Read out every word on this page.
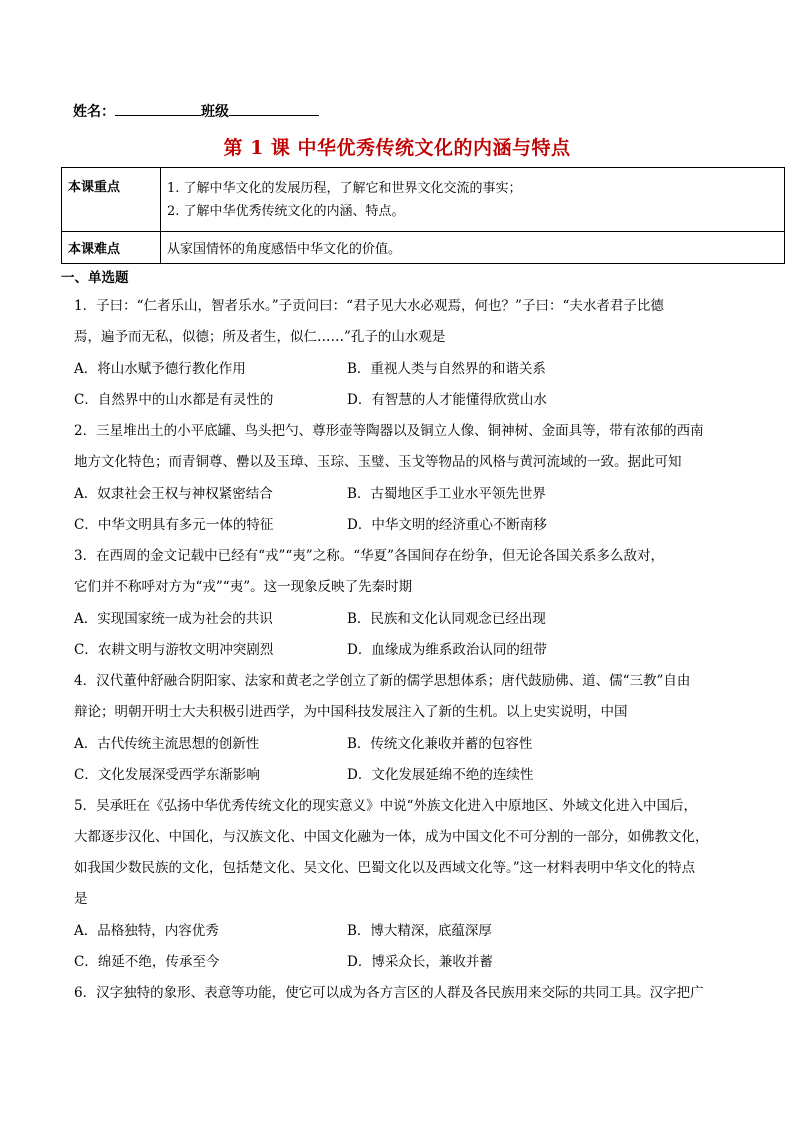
姓名：	班级
第 1 课 中华优秀传统文化的内涵与特点
本课重点	1. 了解中华文化的发展历程，了解它和世界文化交流的事实；
2. 了解中华优秀传统文化的内涵、特点。

本课难点	从家国情怀的角度感悟中华文化的价值。
一、单选题
1．子曰：“仁者乐山，智者乐水。”子贡问曰：“君子见大水必观焉，何也？”子曰：“夫水者君子比德
焉，遍予而无私，似德；所及者生，似仁……”孔子的山水观是
A．将山水赋予德行教化作用	B．重视人类与自然界的和谐关系
C．自然界中的山水都是有灵性的	D．有智慧的人才能懂得欣赏山水
2．三星堆出土的小平底罐、鸟头把勺、尊形壶等陶器以及铜立人像、铜神树、金面具等，带有浓郁的西南
地方文化特色；而青铜尊、罍以及玉璋、玉琮、玉璧、玉戈等物品的风格与黄河流域的一致。据此可知
A．奴隶社会王权与神权紧密结合	B．古蜀地区手工业水平领先世界
C．中华文明具有多元一体的特征	D．中华文明的经济重心不断南移
3．在西周的金文记载中已经有“戎”“夷”之称。“华夏”各国间存在纷争，但无论各国关系多么敌对，
它们并不称呼对方为“戎”“夷”。这一现象反映了先秦时期
A．实现国家统一成为社会的共识	B．民族和文化认同观念已经出现
C．农耕文明与游牧文明冲突剧烈	D．血缘成为维系政治认同的纽带
4．汉代董仲舒融合阴阳家、法家和黄老之学创立了新的儒学思想体系；唐代鼓励佛、道、儒“三教”自由
辩论；明朝开明士大夫积极引进西学，为中国科技发展注入了新的生机。以上史实说明，中国
A．古代传统主流思想的创新性	B．传统文化兼收并蓄的包容性
C．文化发展深受西学东渐影响	D．文化发展延绵不绝的连续性
5．吴承旺在《弘扬中华优秀传统文化的现实意义》中说“外族文化进入中原地区、外域文化进入中国后，
大都逐步汉化、中国化，与汉族文化、中国文化融为一体，成为中国文化不可分割的一部分，如佛教文化，
如我国少数民族的文化，包括楚文化、吴文化、巴蜀文化以及西域文化等。”这一材料表明中华文化的特点
是
A．品格独特，内容优秀	B．博大精深，底蕴深厚
C．绵延不绝，传承至今	D．博采众长，兼收并蓄
6．汉字独特的象形、表意等功能，使它可以成为各方言区的人群及各民族用来交际的共同工具。汉字把广
